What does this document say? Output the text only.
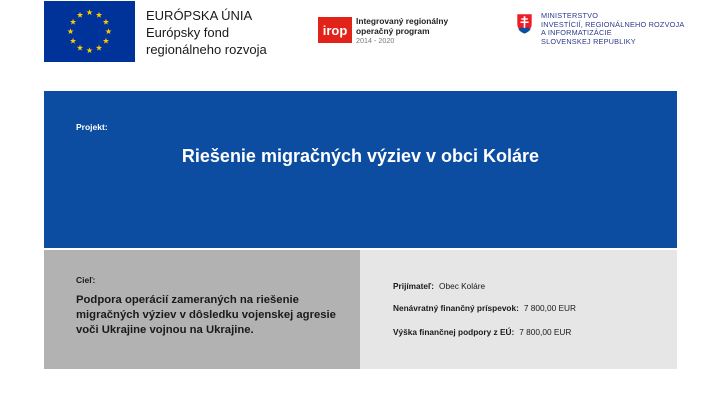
EURÓPSKA ÚNIA
Európsky fond
regionálneho rozvoja
irop
Integrovaný regionálny
operačný program
2014 - 2020
MINISTERSTVO
INVESTÍCIÍ, REGIONÁLNEHO ROZVOJA
A INFORMATIZÁCIE
SLOVENSKEJ REPUBLIKY
Projekt:
Riešenie migračných výziev v obci Koláre
Cieľ:
Podpora operácií zameraných na riešenie migračných výziev v dôsledku vojenskej agresie voči Ukrajine vojnou na Ukrajine.
Prijímateľ: Obec Koláre
Nenávratný finančný príspevok: 7 800,00 EUR
Výška finančnej podpory z EÚ: 7 800,00 EUR
